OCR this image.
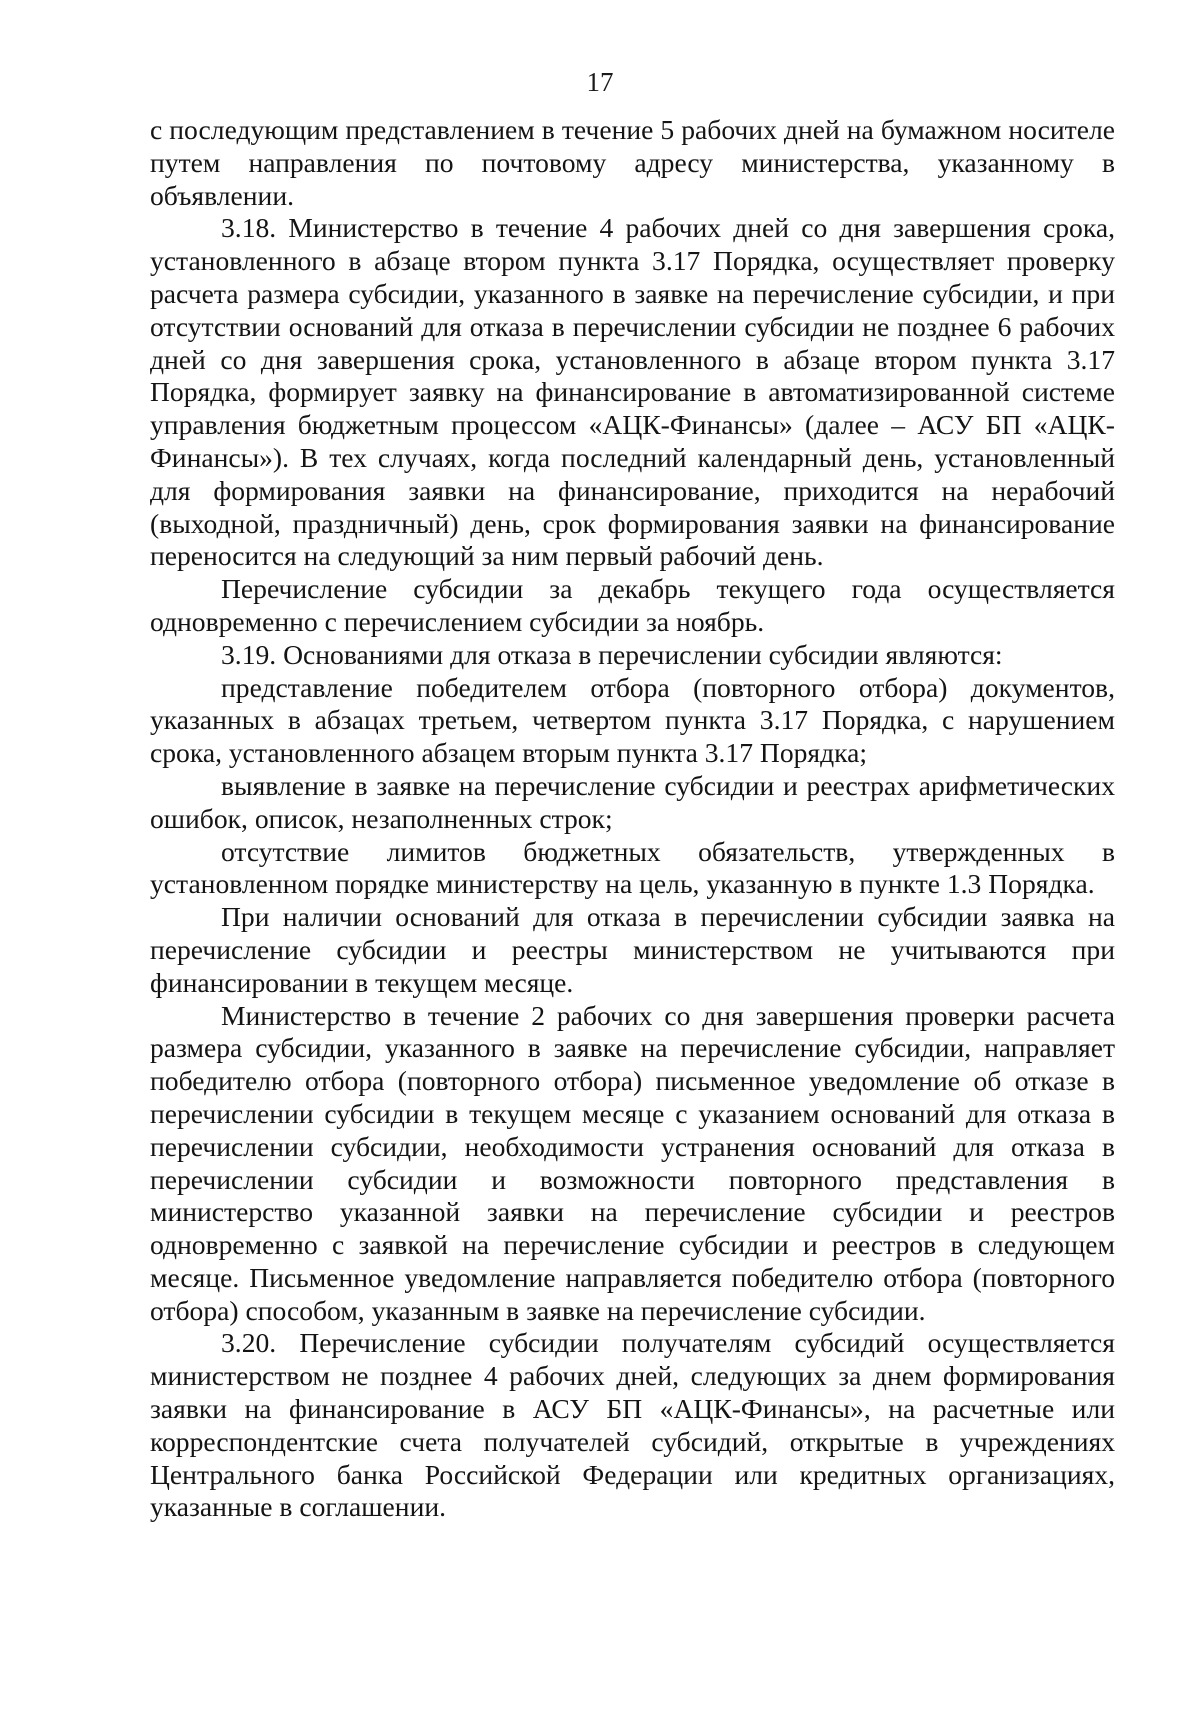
17

с последующим представлением в течение 5 рабочих дней на бумажном носителе путем направления по почтовому адресу министерства, указанному в объявлении.

3.18. Министерство в течение 4 рабочих дней со дня завершения срока, установленного в абзаце втором пункта 3.17 Порядка, осуществляет проверку расчета размера субсидии, указанного в заявке на перечисление субсидии, и при отсутствии оснований для отказа в перечислении субсидии не позднее 6 рабочих дней со дня завершения срока, установленного в абзаце втором пункта 3.17 Порядка, формирует заявку на финансирование в автоматизированной системе управления бюджетным процессом «АЦК-Финансы» (далее – АСУ БП «АЦК-Финансы»). В тех случаях, когда последний календарный день, установленный для формирования заявки на финансирование, приходится на нерабочий (выходной, праздничный) день, срок формирования заявки на финансирование переносится на следующий за ним первый рабочий день.

Перечисление субсидии за декабрь текущего года осуществляется одновременно с перечислением субсидии за ноябрь.

3.19. Основаниями для отказа в перечислении субсидии являются:

представление победителем отбора (повторного отбора) документов, указанных в абзацах третьем, четвертом пункта 3.17 Порядка, с нарушением срока, установленного абзацем вторым пункта 3.17 Порядка;

выявление в заявке на перечисление субсидии и реестрах арифметических ошибок, описок, незаполненных строк;

отсутствие лимитов бюджетных обязательств, утвержденных в установленном порядке министерству на цель, указанную в пункте 1.3 Порядка.

При наличии оснований для отказа в перечислении субсидии заявка на перечисление субсидии и реестры министерством не учитываются при финансировании в текущем месяце.

Министерство в течение 2 рабочих со дня завершения проверки расчета размера субсидии, указанного в заявке на перечисление субсидии, направляет победителю отбора (повторного отбора) письменное уведомление об отказе в перечислении субсидии в текущем месяце с указанием оснований для отказа в перечислении субсидии, необходимости устранения оснований для отказа в перечислении субсидии и возможности повторного представления в министерство указанной заявки на перечисление субсидии и реестров одновременно с заявкой на перечисление субсидии и реестров в следующем месяце. Письменное уведомление направляется победителю отбора (повторного отбора) способом, указанным в заявке на перечисление субсидии.

3.20. Перечисление субсидии получателям субсидий осуществляется министерством не позднее 4 рабочих дней, следующих за днем формирования заявки на финансирование в АСУ БП «АЦК-Финансы», на расчетные или корреспондентские счета получателей субсидий, открытые в учреждениях Центрального банка Российской Федерации или кредитных организациях, указанные в соглашении.
